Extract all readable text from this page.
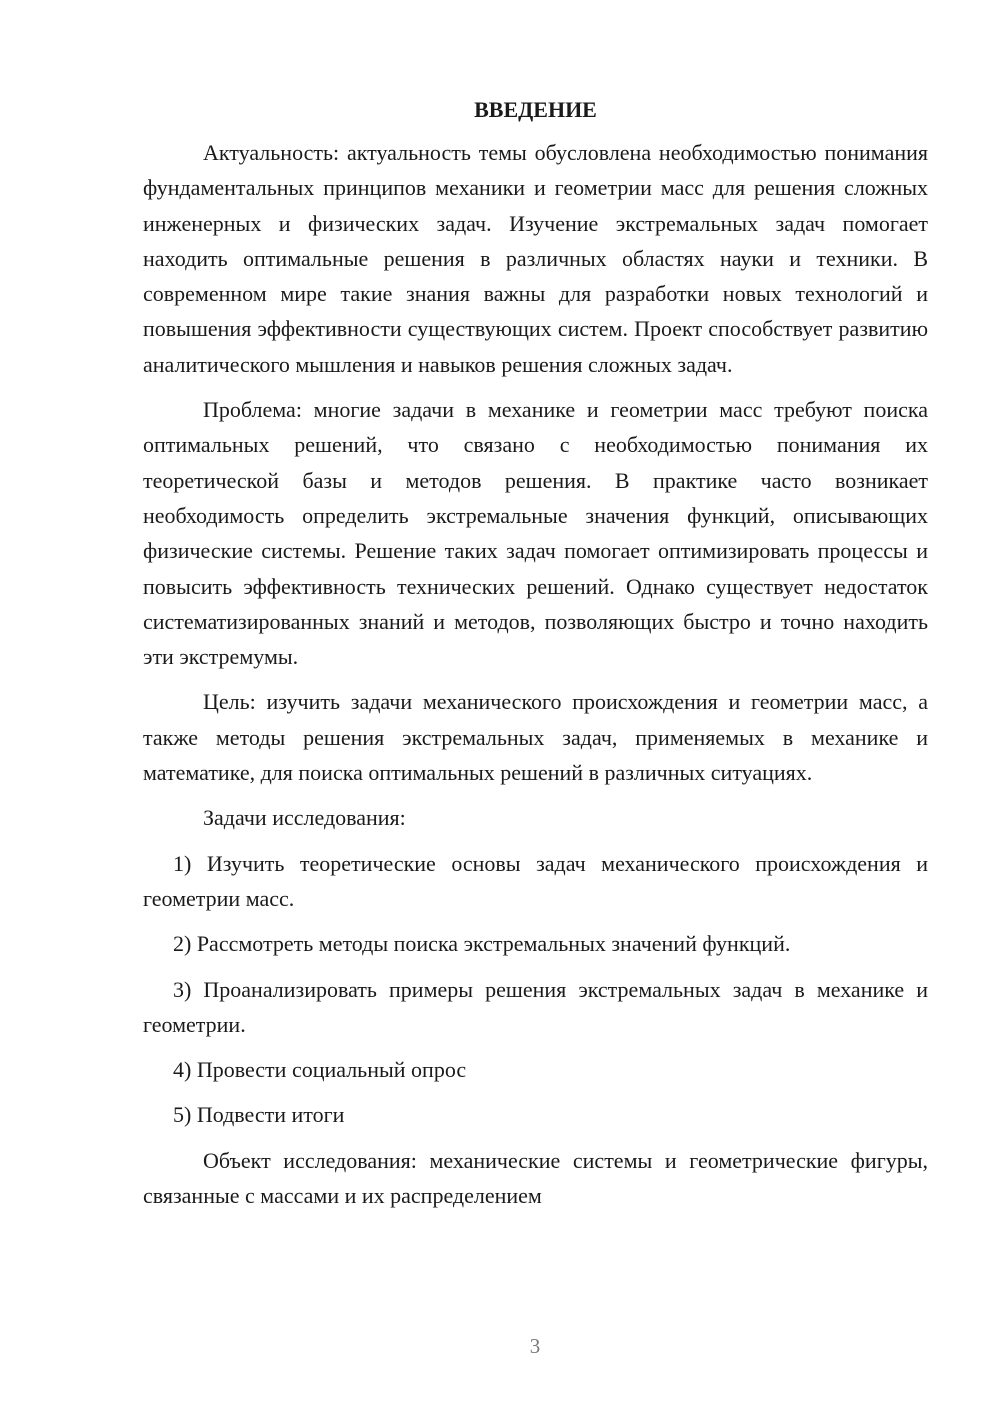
ВВЕДЕНИЕ

Актуальность: актуальность темы обусловлена необходимостью понимания фундаментальных принципов механики и геометрии масс для решения сложных инженерных и физических задач. Изучение экстремальных задач помогает находить оптимальные решения в различных областях науки и техники. В современном мире такие знания важны для разработки новых технологий и повышения эффективности существующих систем. Проект способствует развитию аналитического мышления и навыков решения сложных задач.

Проблема: многие задачи в механике и геометрии масс требуют поиска оптимальных решений, что связано с необходимостью понимания их теоретической базы и методов решения. В практике часто возникает необходимость определить экстремальные значения функций, описывающих физические системы. Решение таких задач помогает оптимизировать процессы и повысить эффективность технических решений. Однако существует недостаток систематизированных знаний и методов, позволяющих быстро и точно находить эти экстремумы.

Цель: изучить задачи механического происхождения и геометрии масс, а также методы решения экстремальных задач, применяемых в механике и математике, для поиска оптимальных решений в различных ситуациях.

Задачи исследования:

1) Изучить теоретические основы задач механического происхождения и геометрии масс.

2) Рассмотреть методы поиска экстремальных значений функций.

3) Проанализировать примеры решения экстремальных задач в механике и геометрии.

4) Провести социальный опрос

5) Подвести итоги

Объект исследования: механические системы и геометрические фигуры, связанные с массами и их распределением

3
